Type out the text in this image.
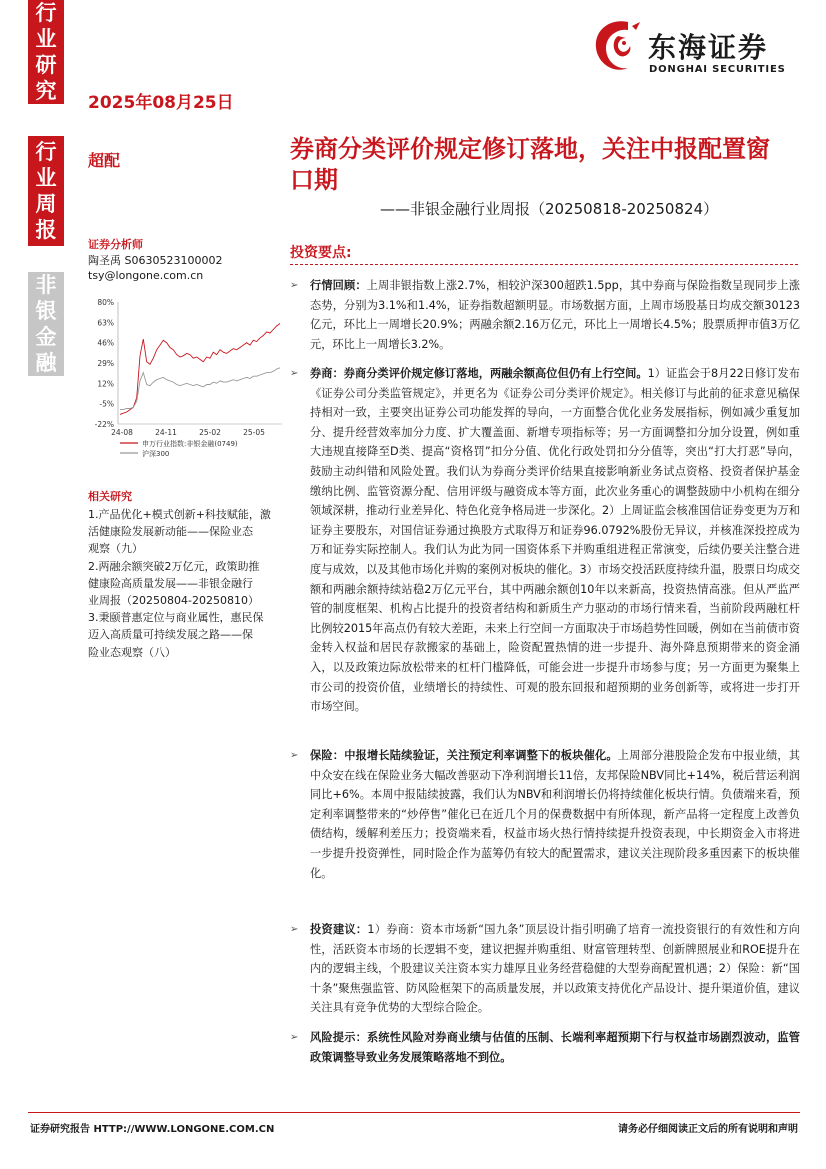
行
业
研
究
行
业
周
报
非
银
金
融
2025年08月25日
东海证券
DONGHAI SECURITIES
超配	券商分类评价规定修订落地，关注中报配置窗口期
——非银金融行业周报（20250818-20250824）
证券分析师
陶圣禹 S0630523100002
tsy@longone.com.cn
80%
63%
46%
29%
12%
-5%
-22%
24-08	24-11	25-02	25-05
申万行业指数:非银金融(0749)
沪深300
相关研究
1.产品优化+模式创新+科技赋能，激
活健康险发展新动能——保险业态
观察（九）
2.两融余额突破2万亿元，政策助推
健康险高质量发展——非银金融行
业周报（20250804-20250810）
3.秉颐普惠定位与商业属性，惠民保
迈入高质量可持续发展之路——保
险业态观察（八）
投资要点:
➢ 行情回顾：上周非银指数上涨2.7%，相较沪深300超跌1.5pp，其中券商与保险指数呈现同步上涨态势，分别为3.1%和1.4%，证券指数超额明显。市场数据方面，上周市场股基日均成交额30123亿元，环比上一周增长20.9%；两融余额2.16万亿元，环比上一周增长4.5%；股票质押市值3万亿元，环比上一周增长3.2%。
➢ 券商：券商分类评价规定修订落地，两融余额高位但仍有上行空间。1）证监会于8月22日修订发布《证券公司分类监管规定》，并更名为《证券公司分类评价规定》。相关修订与此前的征求意见稿保持相对一致，主要突出证券公司功能发挥的导向，一方面整合优化业务发展指标，例如减少重复加分、提升经营效率加分力度、扩大覆盖面、新增专项指标等；另一方面调整扣分加分设置，例如重大违规直接降至D类、提高“资格罚”扣分分值、优化行政处罚扣分分值等，突出“打大打恶”导向，鼓励主动纠错和风险处置。我们认为券商分类评价结果直接影响新业务试点资格、投资者保护基金缴纳比例、监管资源分配、信用评级与融资成本等方面，此次业务重心的调整鼓励中小机构在细分领域深耕，推动行业差异化、特色化竞争格局进一步深化。2）上周证监会核准国信证券变更为万和证券主要股东，对国信证券通过换股方式取得万和证券96.0792%股份无异议，并核准深投控成为万和证券实际控制人。我们认为此为同一国资体系下并购重组进程正常演变，后续仍要关注整合进度与成效，以及其他市场化并购的案例对板块的催化。3）市场交投活跃度持续升温，股票日均成交额和两融余额持续站稳2万亿元平台，其中两融余额创10年以来新高，投资热情高涨。但从严监严管的制度框架、机构占比提升的投资者结构和新质生产力驱动的市场行情来看，当前阶段两融杠杆比例较2015年高点仍有较大差距，未来上行空间一方面取决于市场趋势性回暖，例如在当前债市资金转入权益和居民存款搬家的基础上，险资配置热情的进一步提升、海外降息预期带来的资金涌入，以及政策边际放松带来的杠杆门槛降低，可能会进一步提升市场参与度；另一方面更为聚集上市公司的投资价值，业绩增长的持续性、可观的股东回报和超预期的业务创新等，或将进一步打开市场空间。
➢ 保险：中报增长陆续验证，关注预定利率调整下的板块催化。上周部分港股险企发布中报业绩，其中众安在线在保险业务大幅改善驱动下净利润增长11倍，友邦保险NBV同比+14%，税后营运利润同比+6%。本周中报陆续披露，我们认为NBV和利润增长仍将持续催化板块行情。负债端来看，预定利率调整带来的“炒停售”催化已在近几个月的保费数据中有所体现，新产品将一定程度上改善负债结构，缓解利差压力；投资端来看，权益市场火热行情持续提升投资表现，中长期资金入市将进一步提升投资弹性，同时险企作为蓝筹仍有较大的配置需求，建议关注现阶段多重因素下的板块催化。
➢ 投资建议：1）券商：资本市场新“国九条”顶层设计指引明确了培育一流投资银行的有效性和方向性，活跃资本市场的长逻辑不变，建议把握并购重组、财富管理转型、创新牌照展业和ROE提升在内的逻辑主线，个股建议关注资本实力雄厚且业务经营稳健的大型券商配置机遇；2）保险：新“国十条”聚焦强监管、防风险框架下的高质量发展，并以政策支持优化产品设计、提升渠道价值，建议关注具有竞争优势的大型综合险企。
➢ 风险提示：系统性风险对券商业绩与估值的压制、长端利率超预期下行与权益市场剧烈波动，监管政策调整导致业务发展策略落地不到位。
证券研究报告 HTTP://WWW.LONGONE.COM.CN	请务必仔细阅读正文后的所有说明和声明
